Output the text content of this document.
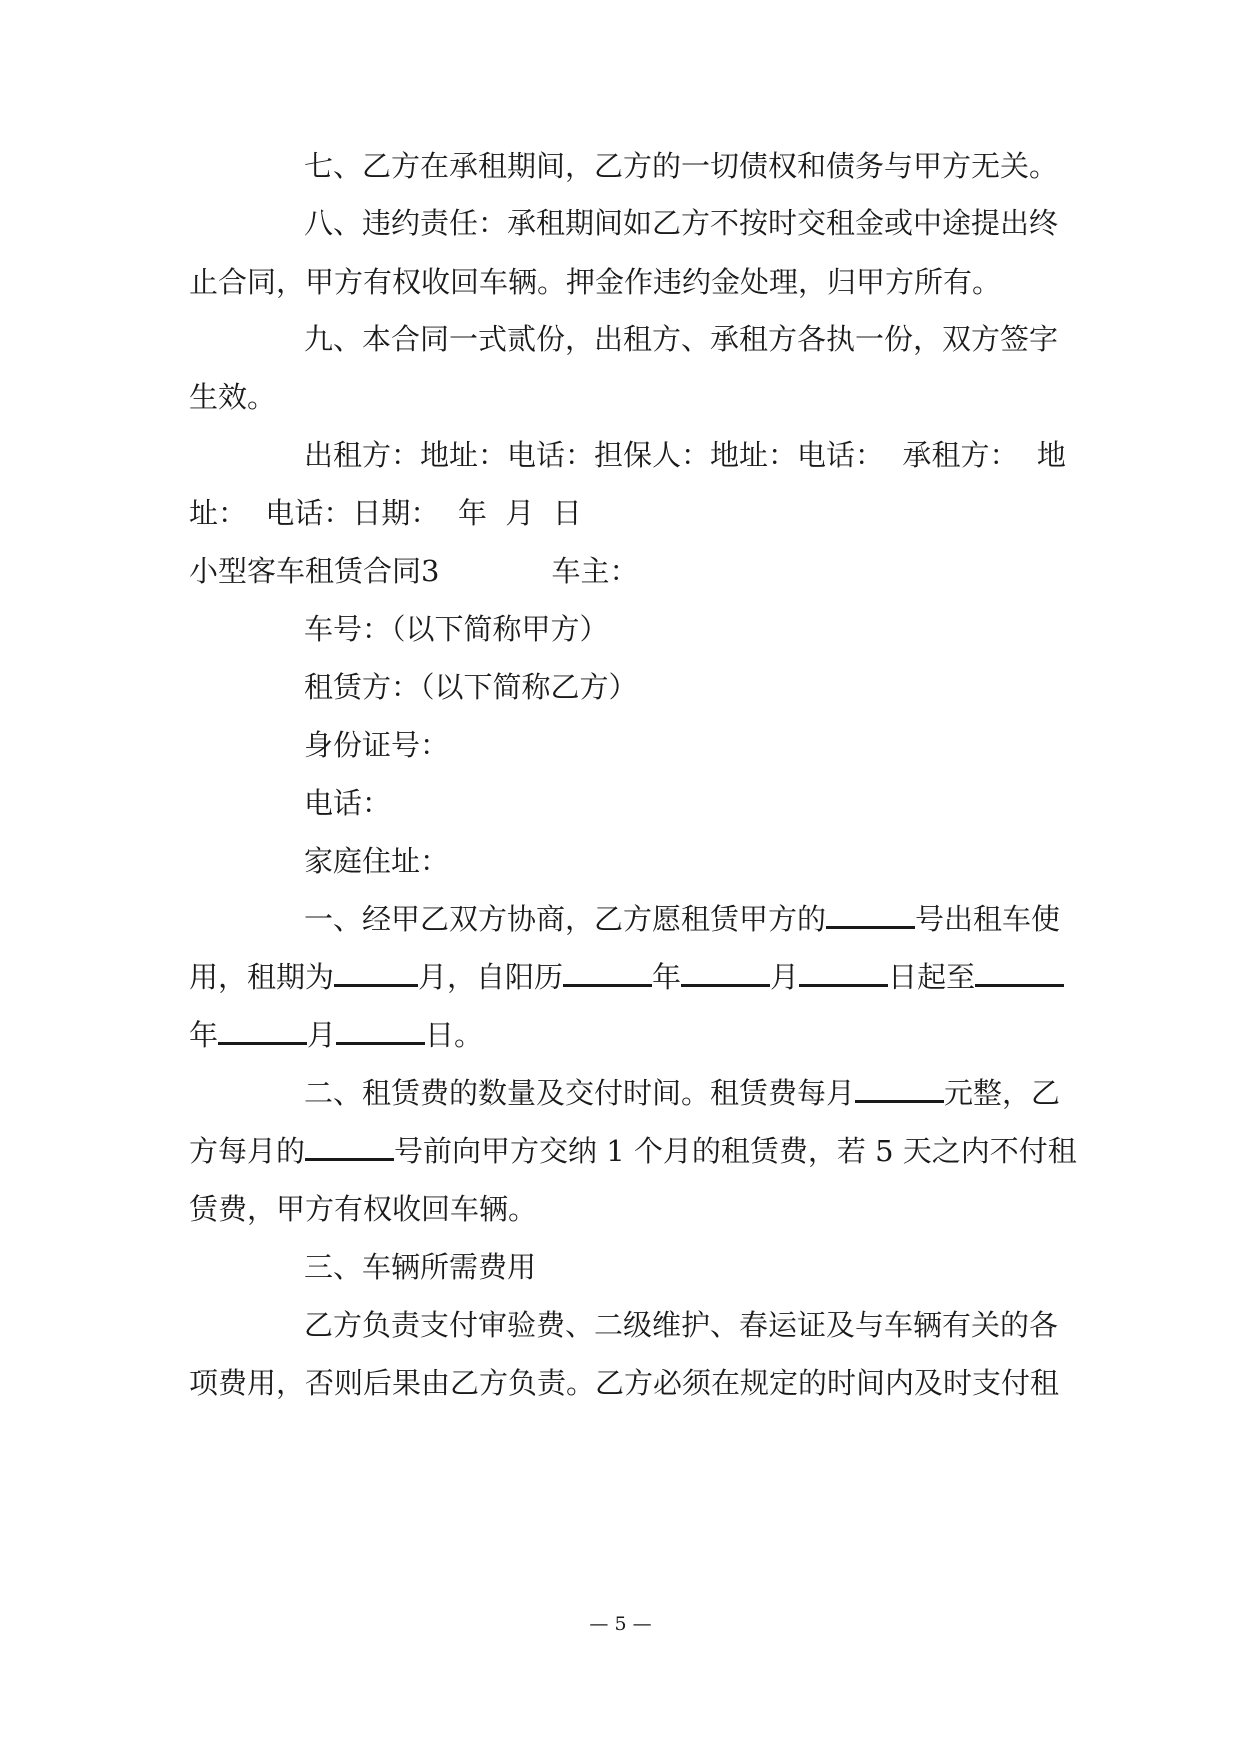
七、乙方在承租期间，乙方的一切债权和债务与甲方无关。
八、违约责任：承租期间如乙方不按时交租金或中途提出终
止合同，甲方有权收回车辆。押金作违约金处理，归甲方所有。
九、本合同一式贰份，出租方、承租方各执一份，双方签字
生效。
出租方：地址：电话：担保人：地址：电话：  承租方：  地
址：  电话：日期：  年  月  日
小型客车租赁合同3	车主：
车号：（以下简称甲方）
租赁方：（以下简称乙方）
身份证号：
电话：
家庭住址：
一、经甲乙双方协商，乙方愿租赁甲方的	号出租车使
用，租期为	月，自阳历	年	月	日起至
年	月	日。
二、租赁费的数量及交付时间。租赁费每月	元整，乙
方每月的	号前向甲方交纳 1 个月的租赁费，若 5 天之内不付租
赁费，甲方有权收回车辆。
三、车辆所需费用
乙方负责支付审验费、二级维护、春运证及与车辆有关的各
项费用，否则后果由乙方负责。乙方必须在规定的时间内及时支付租
— 5 —
